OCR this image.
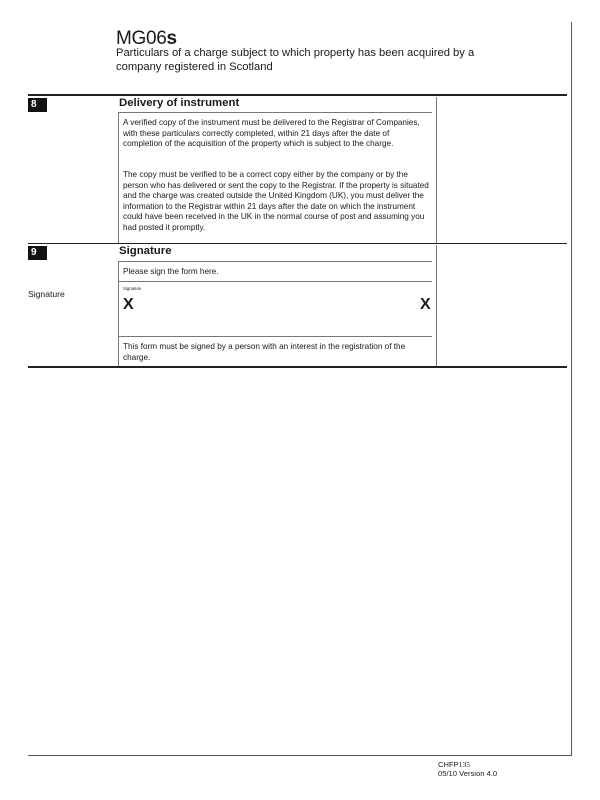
MG06s
Particulars of a charge subject to which property has been acquired by a company registered in Scotland
8	Delivery of instrument
A verified copy of the instrument must be delivered to the Registrar of Companies, with these particulars correctly completed, within 21 days after the date of completion of the acquisition of the property which is subject to the charge.
The copy must be verified to be a correct copy either by the company or by the person who has delivered or sent the copy to the Registrar. If the property is situated and the charge was created outside the United Kingdom (UK), you must deliver the information to the Registrar within 21 days after the date on which the instrument could have been received in the UK in the normal course of post and assuming you had posted it promptly.
9	Signature
Please sign the form here.
Signature
Signature
X	X
This form must be signed by a person with an interest in the registration of the charge.
CHFP135
05/10 Version 4.0
